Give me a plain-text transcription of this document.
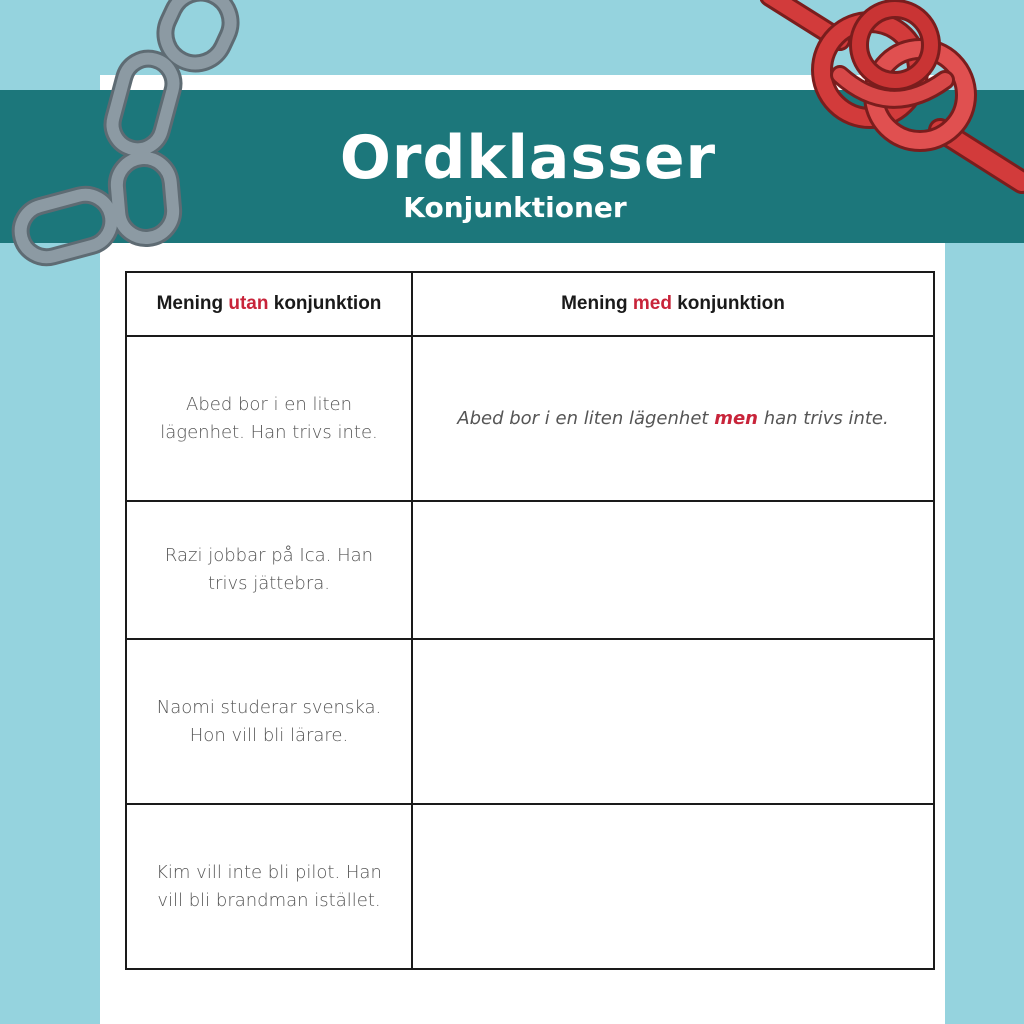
Ordklasser
Konjunktioner
Mening utan konjunktion	Mening med konjunktion
Abed bor i en liten lägenhet. Han trivs inte.	Abed bor i en liten lägenhet men han trivs inte.
Razi jobbar på Ica. Han trivs jättebra.	
Naomi studerar svenska. Hon vill bli lärare.	
Kim vill inte bli pilot. Han vill bli brandman istället.	
